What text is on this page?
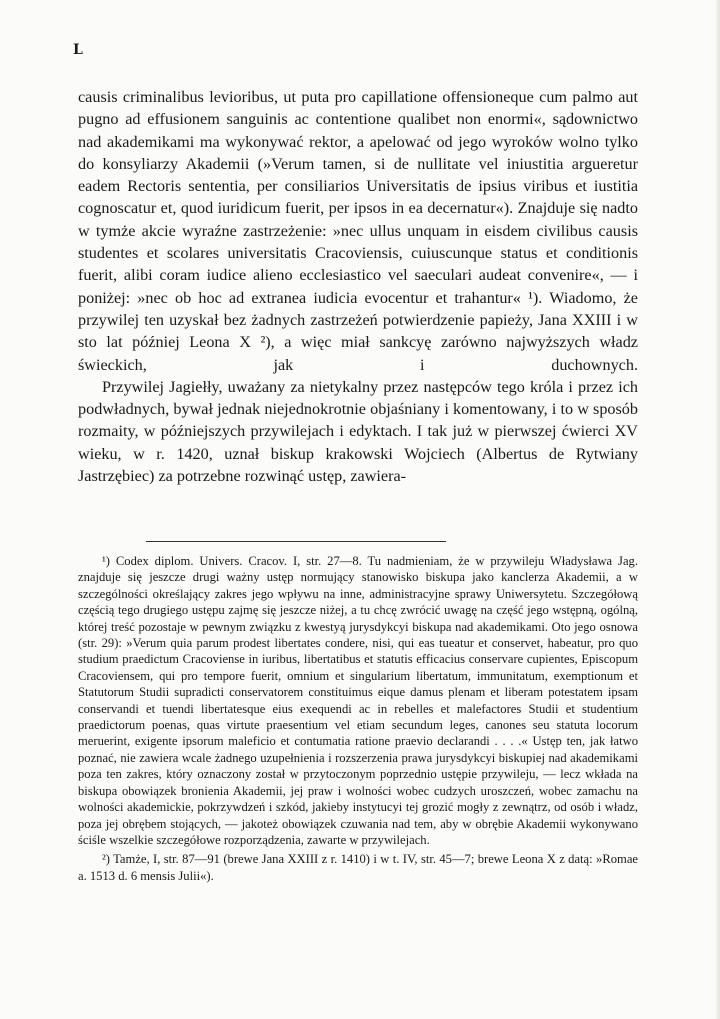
L

causis criminalibus levioribus, ut puta pro capillatione offensioneque cum palmo aut pugno ad effusionem sanguinis ac contentione qualibet non enormi«, sądownictwo nad akademikami ma wykonywać rektor, a apelować od jego wyroków wolno tylko do konsyliarzy Akademii (»Verum tamen, si de nullitate vel iniustitia argueretur eadem Rectoris sententia, per consiliarios Universitatis de ipsius viribus et iustitia cognoscatur et, quod iuridicum fuerit, per ipsos in ea decernatur«). Znajduje się nadto w tymże akcie wyraźne zastrzeżenie: »nec ullus unquam in eisdem civilibus causis studentes et scolares universitatis Cracoviensis, cuiuscunque status et conditionis fuerit, alibi coram iudice alieno ecclesiastico vel saeculari audeat convenire«, — i poniżej: »nec ob hoc ad extranea iudicia evocentur et trahantur« ¹). Wiadomo, że przywilej ten uzyskał bez żadnych zastrzeżeń potwierdzenie papieży, Jana XXIII i w sto lat później Leona X ²), a więc miał sankcyę zarówno najwyższych władz świeckich, jak i duchownych.

Przywilej Jagiełły, uważany za nietykalny przez następców tego króla i przez ich podwładnych, bywał jednak niejednokrotnie objaśniany i komentowany, i to w sposób rozmaity, w późniejszych przywilejach i edyktach. I tak już w pierwszej ćwierci XV wieku, w r. 1420, uznał biskup krakowski Wojciech (Albertus de Rytwiany Jastrzębiec) za potrzebne rozwinąć ustęp, zawiera-

¹) Codex diplom. Univers. Cracov. I, str. 27—8. Tu nadmieniam, że w przywileju Władysława Jag. znajduje się jeszcze drugi ważny ustęp normujący stanowisko biskupa jako kanclerza Akademii, a w szczególności określający zakres jego wpływu na inne, administracyjne sprawy Uniwersytetu. Szczegółową częścią tego drugiego ustępu zajmę się jeszcze niżej, a tu chcę zwrócić uwagę na część jego wstępną, ogólną, której treść pozostaje w pewnym związku z kwestyą jurysdykcyi biskupa nad akademikami. Oto jego osnowa (str. 29): »Verum quia parum prodest libertates condere, nisi, qui eas tueatur et conservet, habeatur, pro quo studium praedictum Cracoviense in iuribus, libertatibus et statutis efficacius conservare cupientes, Episcopum Cracoviensem, qui pro tempore fuerit, omnium et singularium libertatum, immunitatum, exemptionum et Statutorum Studii supradicti conservatorem constituimus eique damus plenam et liberam potestatem ipsam conservandi et tuendi libertatesque eius exequendi ac in rebelles et malefactores Studii et studentium praedictorum poenas, quas virtute praesentium vel etiam secundum leges, canones seu statuta locorum meruerint, exigente ipsorum maleficio et contumatia ratione praevio declarandi . . . .« Ustęp ten, jak łatwo poznać, nie zawiera wcale żadnego uzupełnienia i rozszerzenia prawa jurysdykcyi biskupiej nad akademikami poza ten zakres, który oznaczony został w przytoczonym poprzednio ustępie przywileju, — lecz wkłada na biskupa obowiązek bronienia Akademii, jej praw i wolności wobec cudzych uroszczeń, wobec zamachu na wolności akademickie, pokrzywdzeń i szkód, jakieby instytucyi tej grozić mogły z zewnątrz, od osób i władz, poza jej obrębem stojących, — jakoteż obowiązek czuwania nad tem, aby w obrębie Akademii wykonywano ściśle wszelkie szczegółowe rozporządzenia, zawarte w przywilejach.

²) Tamże, I, str. 87—91 (brewe Jana XXIII z r. 1410) i w t. IV, str. 45—7; brewe Leona X z datą: »Romae a. 1513 d. 6 mensis Julii«).
